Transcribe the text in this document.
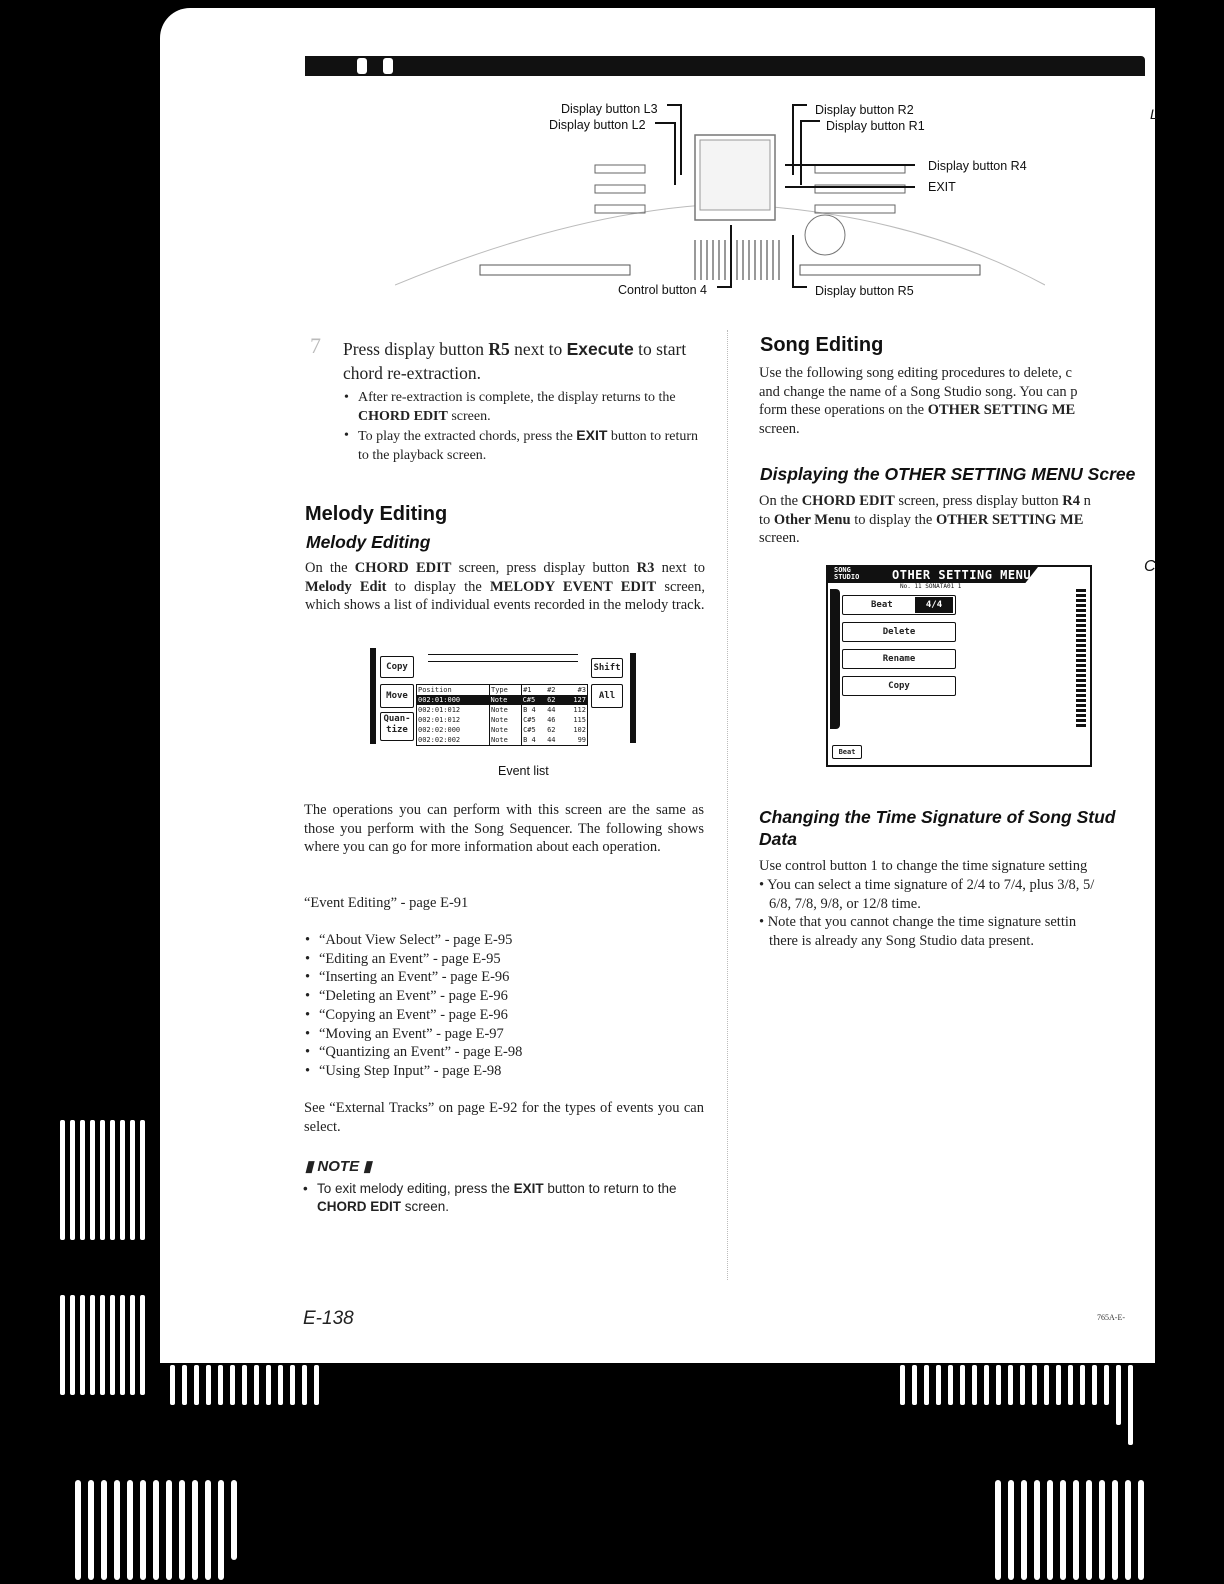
Display button L3
Display button L2
Display button R2
Display button R1
Display button R4
EXIT
Control button 4	Display button R5
7 Press display button R5 next to Execute to start chord re-extraction.
• After re-extraction is complete, the display returns to the CHORD EDIT screen.
• To play the extracted chords, press the EXIT button to return to the playback screen.
Melody Editing
Melody Editing
On the CHORD EDIT screen, press display button R3 next to Melody Edit to display the MELODY EVENT EDIT screen, which shows a list of individual events recorded in the melody track.
Copy
Move
Quan-
tize
Shift
All
Position	Type	#1	#2	#3
002:01:000	Note	C#5	62	127
002:01:012	Note	B 4	44	112
002:01:012	Note	C#5	46	115
002:02:000	Note	C#5	62	102
002:02:002	Note	B 4	44	99
Event list
The operations you can perform with this screen are the same as those you perform with the Song Sequencer. The following shows where you can go for more information about each operation.
“Event Editing” - page E-91
• “About View Select” - page E-95
• “Editing an Event” - page E-95
• “Inserting an Event” - page E-96
• “Deleting an Event” - page E-96
• “Copying an Event” - page E-96
• “Moving an Event” - page E-97
• “Quantizing an Event” - page E-98
• “Using Step Input” - page E-98
See “External Tracks” on page E-92 for the types of events you can select.
▮ NOTE ▮
• To exit melody editing, press the EXIT button to return to the CHORD EDIT screen.
E-138
Song Editing
Use the following song editing procedures to delete, c
and change the name of a Song Studio song. You can p
form these operations on the OTHER SETTING ME
screen.
Displaying the OTHER SETTING MENU Scree
On the CHORD EDIT screen, press display button R4 n
to Other Menu to display the OTHER SETTING ME
screen.
SONG
STUDIO	OTHER SETTING MENU
No. 11 SONATA01 1
Beat	4/4
Delete
Rename
Copy
Beat
Changing the Time Signature of Song Stud
Data
Use control button 1 to change the time signature setting
• You can select a time signature of 2/4 to 7/4, plus 3/8, 5/
6/8, 7/8, 9/8, or 12/8 time.
• Note that you cannot change the time signature settin
there is already any Song Studio data present.
765A-E-
C
L
